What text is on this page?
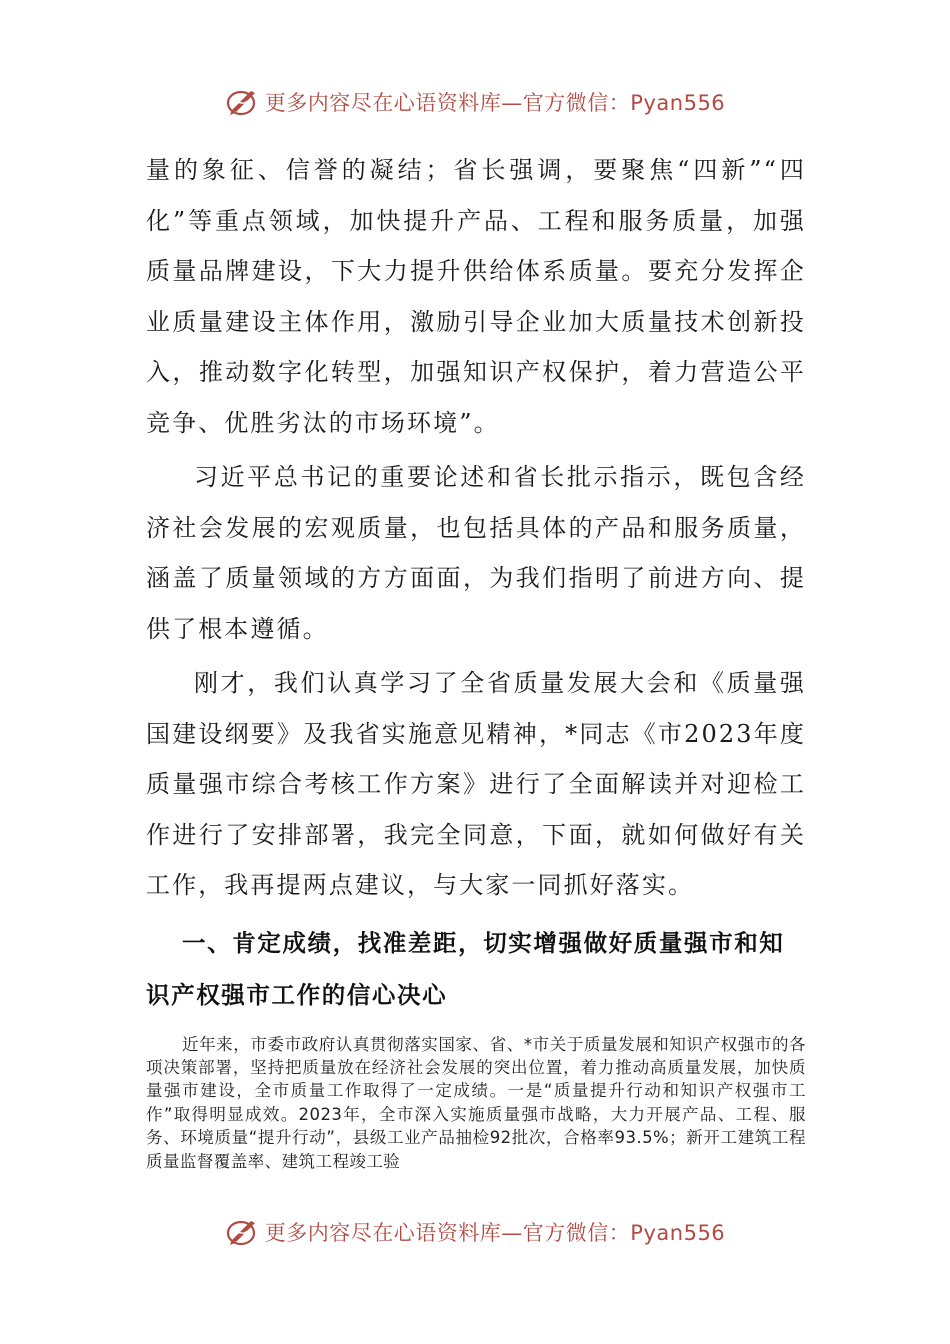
更多内容尽在心语资料库—官方微信：Pyan556

量的象征、信誉的凝结；省长强调，要聚焦“四新”“四化”等重点领域，加快提升产品、工程和服务质量，加强质量品牌建设，下大力提升供给体系质量。要充分发挥企业质量建设主体作用，激励引导企业加大质量技术创新投入，推动数字化转型，加强知识产权保护，着力营造公平竞争、优胜劣汰的市场环境”。

习近平总书记的重要论述和省长批示指示，既包含经济社会发展的宏观质量，也包括具体的产品和服务质量，涵盖了质量领域的方方面面，为我们指明了前进方向、提供了根本遵循。

刚才，我们认真学习了全省质量发展大会和《质量强国建设纲要》及我省实施意见精神，*同志《市2023年度质量强市综合考核工作方案》进行了全面解读并对迎检工作进行了安排部署，我完全同意，下面，就如何做好有关工作，我再提两点建议，与大家一同抓好落实。

一、肯定成绩，找准差距，切实增强做好质量强市和知识产权强市工作的信心决心

近年来，市委市政府认真贯彻落实国家、省、*市关于质量发展和知识产权强市的各项决策部署，坚持把质量放在经济社会发展的突出位置，着力推动高质量发展，加快质量强市建设，全市质量工作取得了一定成绩。一是“质量提升行动和知识产权强市工作”取得明显成效。2023年，全市深入实施质量强市战略，大力开展产品、工程、服务、环境质量“提升行动”，县级工业产品抽检92批次，合格率93.5%；新开工建筑工程质量监督覆盖率、建筑工程竣工验

更多内容尽在心语资料库—官方微信：Pyan556
